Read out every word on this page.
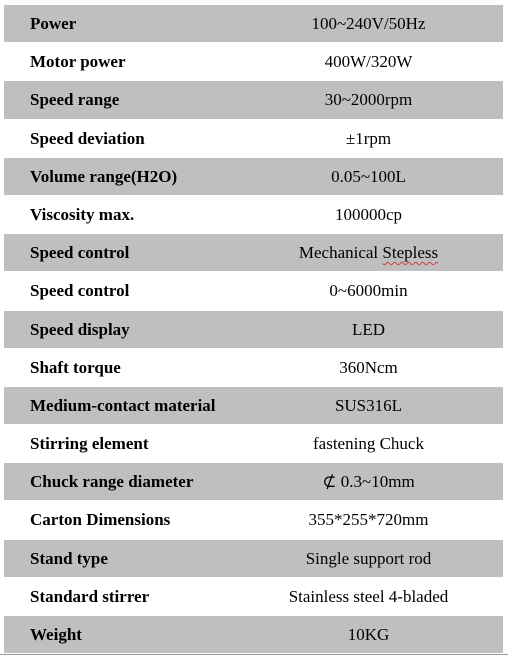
Power	100~240V/50Hz
Motor power	400W/320W
Speed range	30~2000rpm
Speed deviation	±1rpm
Volume range(H2O)	0.05~100L
Viscosity max.	100000cp
Speed control	Mechanical Stepless
Speed control	0~6000min
Speed display	LED
Shaft torque	360Ncm
Medium-contact material	SUS316L
Stirring element	fastening Chuck
Chuck range diameter	⊄ 0.3~10mm
Carton Dimensions	355*255*720mm
Stand type	Single support rod
Standard stirrer	Stainless steel 4-bladed
Weight	10KG
